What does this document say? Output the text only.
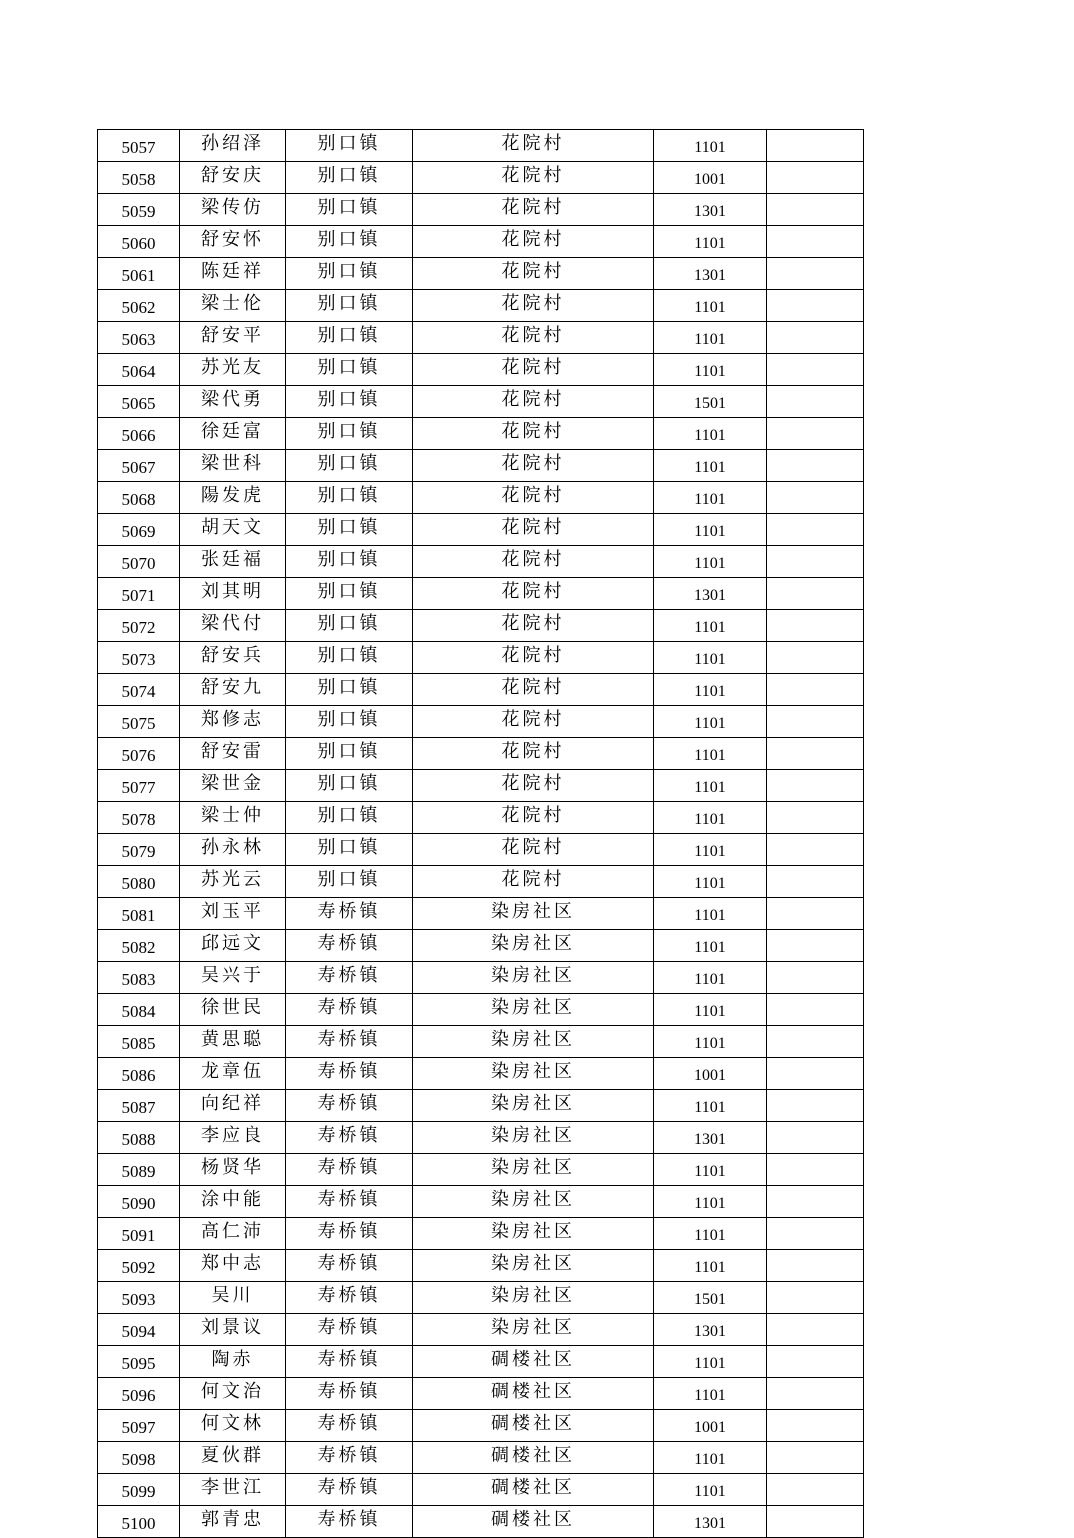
5057	孙绍泽	别口镇	花院村	1101	
5058	舒安庆	别口镇	花院村	1001	
5059	梁传仿	别口镇	花院村	1301	
5060	舒安怀	别口镇	花院村	1101	
5061	陈廷祥	别口镇	花院村	1301	
5062	梁士伦	别口镇	花院村	1101	
5063	舒安平	别口镇	花院村	1101	
5064	苏光友	别口镇	花院村	1101	
5065	梁代勇	别口镇	花院村	1501	
5066	徐廷富	别口镇	花院村	1101	
5067	梁世科	别口镇	花院村	1101	
5068	陽发虎	别口镇	花院村	1101	
5069	胡天文	别口镇	花院村	1101	
5070	张廷福	别口镇	花院村	1101	
5071	刘其明	别口镇	花院村	1301	
5072	梁代付	别口镇	花院村	1101	
5073	舒安兵	别口镇	花院村	1101	
5074	舒安九	别口镇	花院村	1101	
5075	郑修志	别口镇	花院村	1101	
5076	舒安雷	别口镇	花院村	1101	
5077	梁世金	别口镇	花院村	1101	
5078	梁士仲	别口镇	花院村	1101	
5079	孙永林	别口镇	花院村	1101	
5080	苏光云	别口镇	花院村	1101	
5081	刘玉平	寿桥镇	染房社区	1101	
5082	邱远文	寿桥镇	染房社区	1101	
5083	吴兴于	寿桥镇	染房社区	1101	
5084	徐世民	寿桥镇	染房社区	1101	
5085	黄思聪	寿桥镇	染房社区	1101	
5086	龙章伍	寿桥镇	染房社区	1001	
5087	向纪祥	寿桥镇	染房社区	1101	
5088	李应良	寿桥镇	染房社区	1301	
5089	杨贤华	寿桥镇	染房社区	1101	
5090	涂中能	寿桥镇	染房社区	1101	
5091	高仁沛	寿桥镇	染房社区	1101	
5092	郑中志	寿桥镇	染房社区	1101	
5093	吴川	寿桥镇	染房社区	1501	
5094	刘景议	寿桥镇	染房社区	1301	
5095	陶赤	寿桥镇	碉楼社区	1101	
5096	何文治	寿桥镇	碉楼社区	1101	
5097	何文林	寿桥镇	碉楼社区	1001	
5098	夏伙群	寿桥镇	碉楼社区	1101	
5099	李世江	寿桥镇	碉楼社区	1101	
5100	郭青忠	寿桥镇	碉楼社区	1301	
